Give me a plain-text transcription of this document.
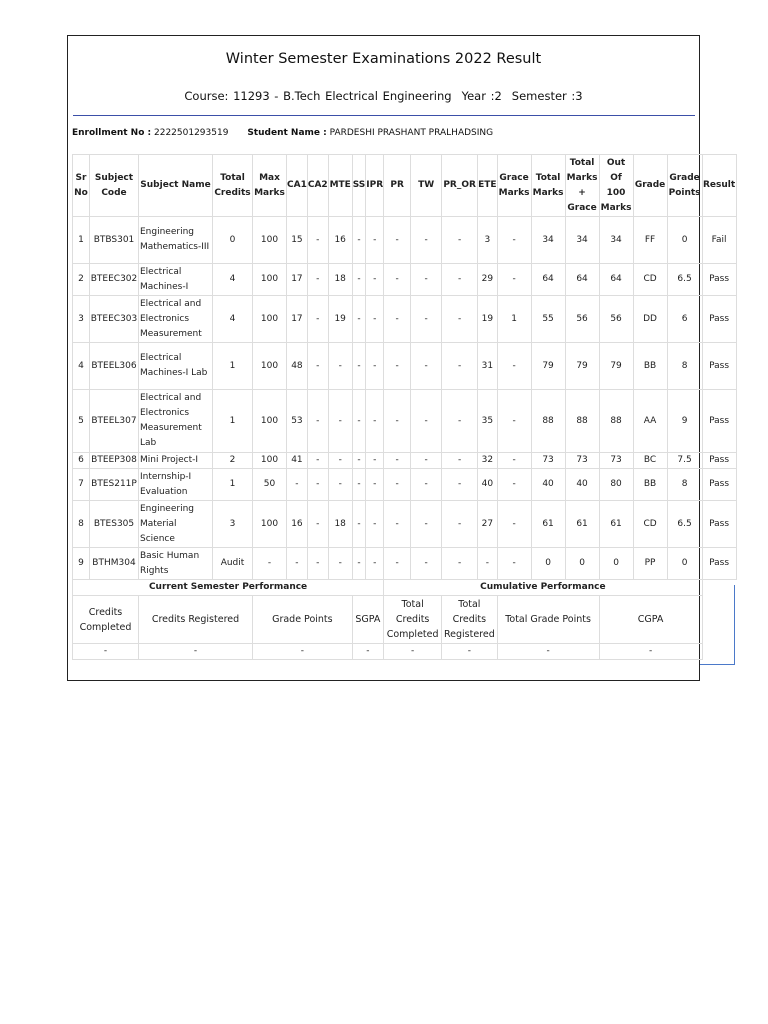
Winter Semester Examinations 2022 Result
Course: 11293 - B.Tech Electrical Engineering Year :2 Semester :3
Enrollment No : 2222501293519 Student Name : PARDESHI PRASHANT PRALHADSING
Sr No	Subject Code	Subject Name	Total Credits	Max Marks	CA1	CA2	MTE	SS	IPR	PR	TW	PR_OR	ETE	Grace Marks	Total Marks	Total Marks + Grace	Out Of 100 Marks	Grade	Grade Points	Result
1	BTBS301	Engineering Mathematics-III	0	100	15	-	16	-	-	-	-	-	3	-	34	34	34	FF	0	Fail
2	BTEEC302	Electrical Machines-I	4	100	17	-	18	-	-	-	-	-	29	-	64	64	64	CD	6.5	Pass
3	BTEEC303	Electrical and Electronics Measurement	4	100	17	-	19	-	-	-	-	-	19	1	55	56	56	DD	6	Pass
4	BTEEL306	Electrical Machines-I Lab	1	100	48	-	-	-	-	-	-	-	31	-	79	79	79	BB	8	Pass
5	BTEEL307	Electrical and Electronics Measurement Lab	1	100	53	-	-	-	-	-	-	-	35	-	88	88	88	AA	9	Pass
6	BTEEP308	Mini Project-I	2	100	41	-	-	-	-	-	-	-	32	-	73	73	73	BC	7.5	Pass
7	BTES211P	Internship-I Evaluation	1	50	-	-	-	-	-	-	-	-	40	-	40	40	80	BB	8	Pass
8	BTES305	Engineering Material Science	3	100	16	-	18	-	-	-	-	-	27	-	61	61	61	CD	6.5	Pass
9	BTHM304	Basic Human Rights	Audit	-	-	-	-	-	-	-	-	-	-	-	0	0	0	PP	0	Pass
Current Semester Performance										Cumulative Performance										
Credits Completed		Credits Registered		Grade Points				SGPA		Total Credits Completed		Total Credits Registered		Total Grade Points			CGPA			
-		-		-				-		-		-		-			-			
